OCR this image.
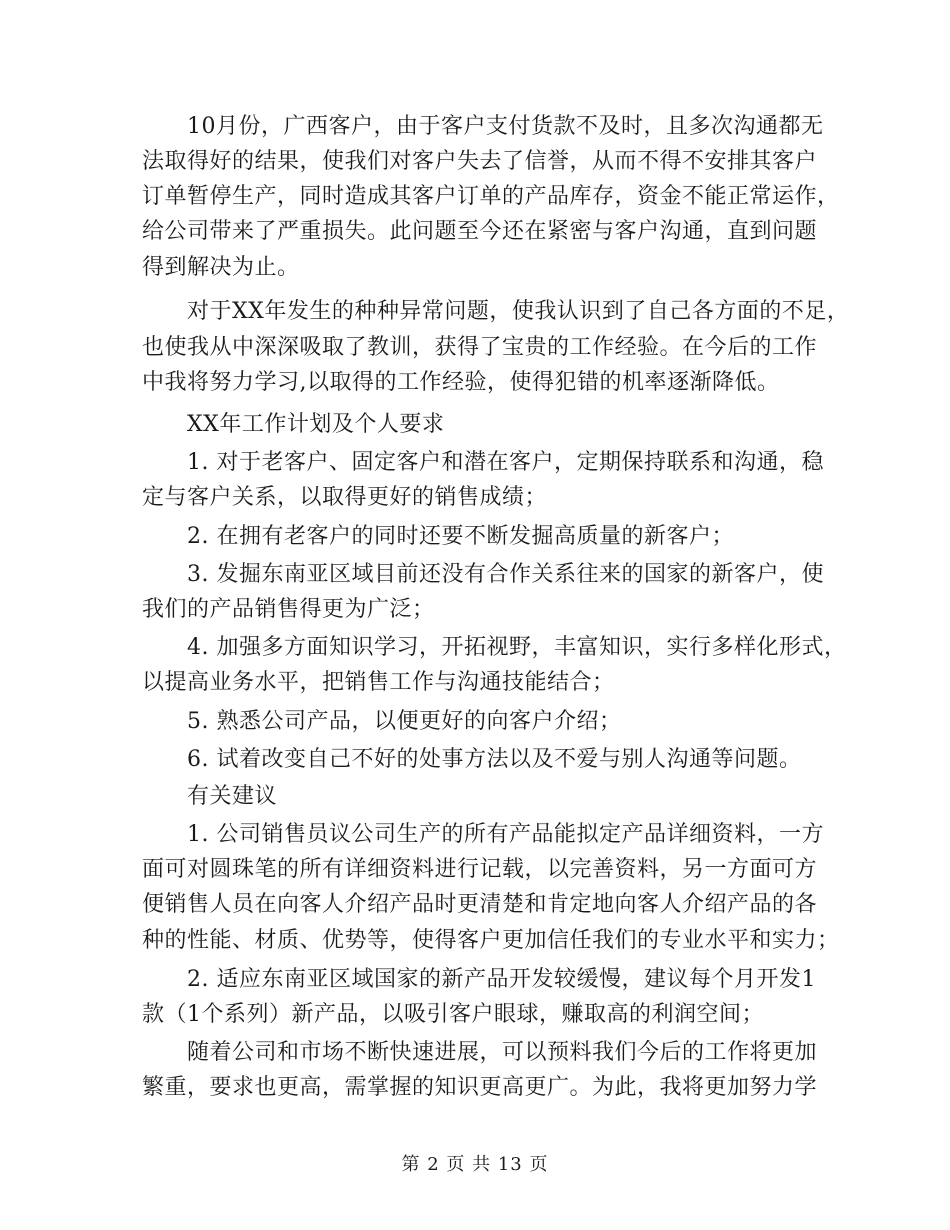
10月份，广西客户，由于客户支付货款不及时，且多次沟通都无
法取得好的结果，使我们对客户失去了信誉，从而不得不安排其客户
订单暂停生产，同时造成其客户订单的产品库存，资金不能正常运作，
给公司带来了严重损失。此问题至今还在紧密与客户沟通，直到问题
得到解决为止。
对于XX年发生的种种异常问题，使我认识到了自己各方面的不足，
也使我从中深深吸取了教训，获得了宝贵的工作经验。在今后的工作
中我将努力学习,以取得的工作经验，使得犯错的机率逐渐降低。
XX年工作计划及个人要求
1. 对于老客户、固定客户和潜在客户，定期保持联系和沟通，稳
定与客户关系，以取得更好的销售成绩；
2. 在拥有老客户的同时还要不断发掘高质量的新客户；
3. 发掘东南亚区域目前还没有合作关系往来的国家的新客户，使
我们的产品销售得更为广泛；
4. 加强多方面知识学习，开拓视野，丰富知识，实行多样化形式，
以提高业务水平，把销售工作与沟通技能结合；
5. 熟悉公司产品，以便更好的向客户介绍；
6. 试着改变自己不好的处事方法以及不爱与别人沟通等问题。
有关建议
1. 公司销售员议公司生产的所有产品能拟定产品详细资料，一方
面可对圆珠笔的所有详细资料进行记载，以完善资料，另一方面可方
便销售人员在向客人介绍产品时更清楚和肯定地向客人介绍产品的各
种的性能、材质、优势等，使得客户更加信任我们的专业水平和实力；
2. 适应东南亚区域国家的新产品开发较缓慢，建议每个月开发1
款（1个系列）新产品，以吸引客户眼球，赚取高的利润空间；
随着公司和市场不断快速进展，可以预料我们今后的工作将更加
繁重，要求也更高，需掌握的知识更高更广。为此，我将更加努力学
第 2 页 共 13 页
